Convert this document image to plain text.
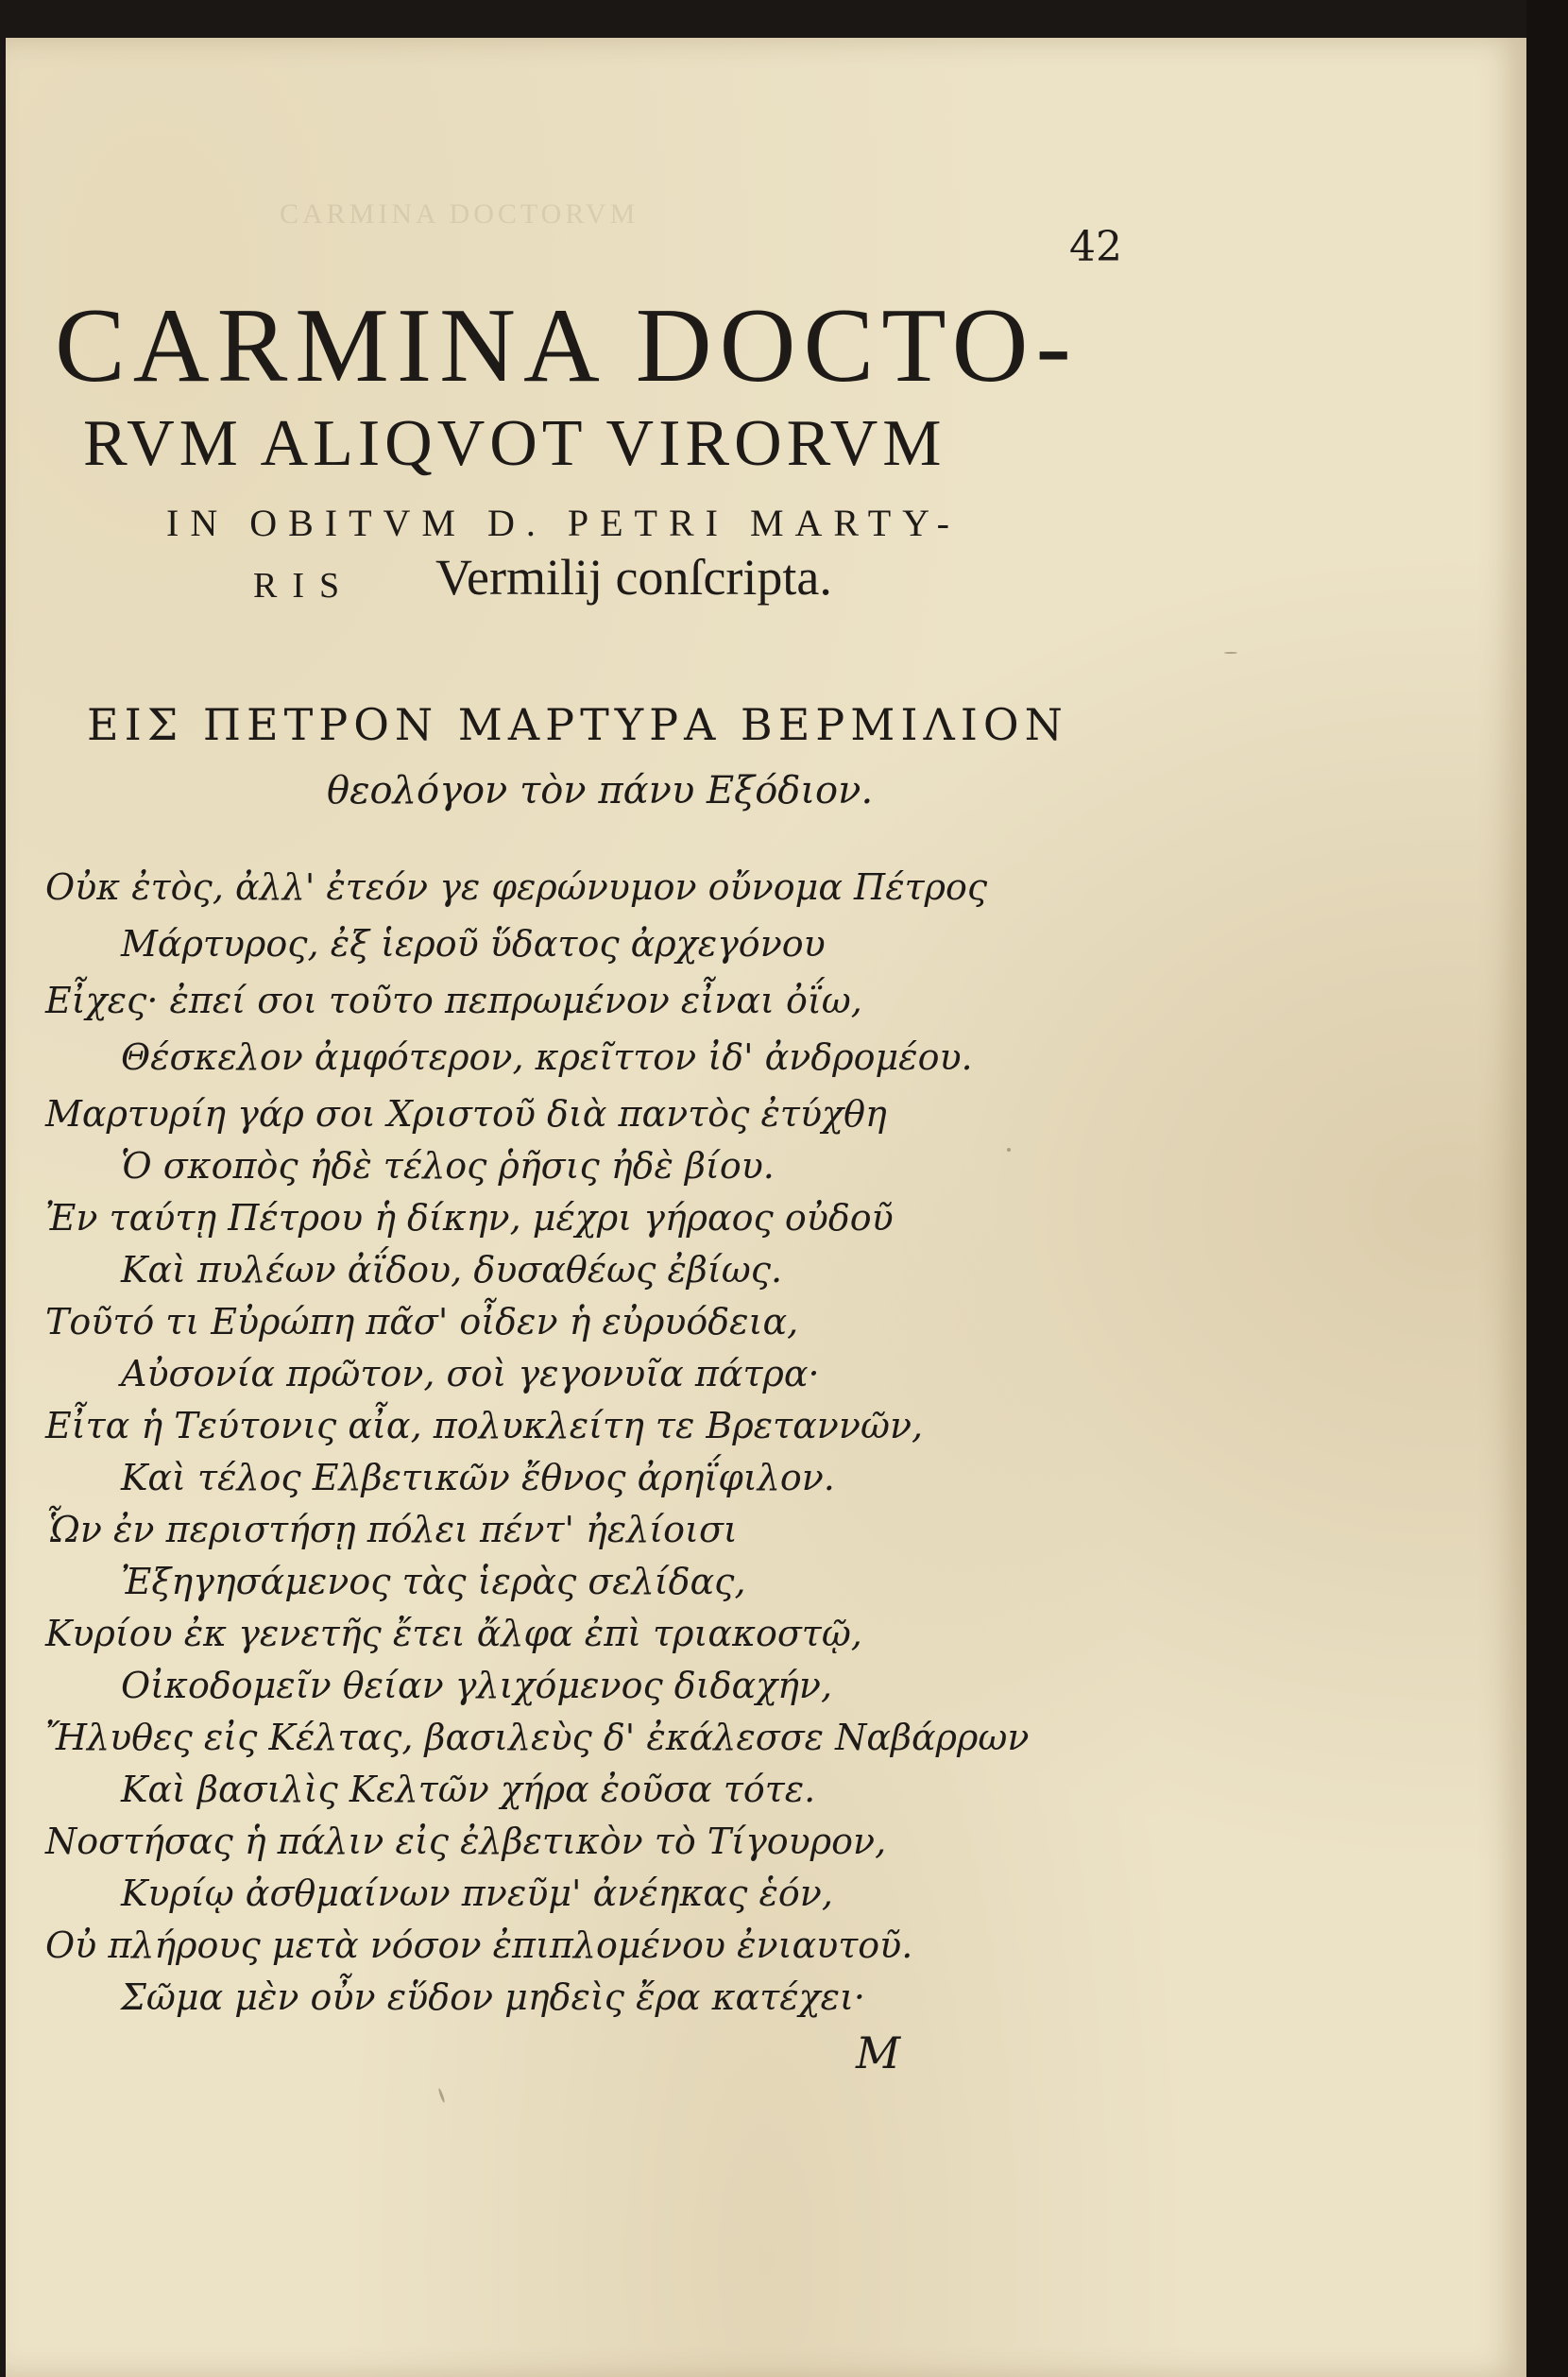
CARMINA DOCTORVM
42
CARMINA DOCTO-
RVM ALIQVOT VIRORVM
IN OBITVM D. PETRI MARTY-
RIS Vermilij conſcripta.
ΕΙΣ ΠΕΤΡΟΝ ΜΑΡΤΥΡΑ ΒΕΡΜΙΛΙΟΝ
θεολόγον τὸν πάνυ Εξόδιον.
Οὐκ ἐτὸς, ἀλλ' ἐτεόν γε φερώνυμον οὔνομα Πέτρος
Μάρτυρος, ἐξ ἱεροῦ ὕδατος ἀρχεγόνου
Εἶχες· ἐπεί σοι τοῦτο πεπρωμένον εἶναι ὀΐω,
Θέσκελον ἀμφότερον, κρεῖττον ἰδ' ἀνδρομέου.
Μαρτυρίη γάρ σοι Χριστοῦ διὰ παντὸς ἐτύχθη
Ὁ σκοπὸς ἠδὲ τέλος ῥῆσις ἠδὲ βίου.
Ἐν ταύτῃ Πέτρου ἡ δίκην, μέχρι γήραος οὐδοῦ
Καὶ πυλέων ἀΐδου, δυσαθέως ἐβίως.
Τοῦτό τι Εὐρώπη πᾶσ' οἶδεν ἡ εὐρυόδεια,
Αὐσονία πρῶτον, σοὶ γεγονυῖα πάτρα·
Εἶτα ἡ Τεύτονις αἶα, πολυκλείτη τε Βρεταννῶν,
Καὶ τέλος Ελβετικῶν ἔθνος ἀρηΐφιλον.
Ὧν ἐν περιστήσῃ πόλει πέντ' ἠελίοισι
Ἐξηγησάμενος τὰς ἱερὰς σελίδας,
Κυρίου ἐκ γενετῆς ἔτει ἄλφα ἐπὶ τριακοστῷ,
Οἰκοδομεῖν θείαν γλιχόμενος διδαχήν,
Ἤλυθες εἰς Κέλτας, βασιλεὺς δ' ἐκάλεσσε Ναβάρρων
Καὶ βασιλὶς Κελτῶν χήρα ἐοῦσα τότε.
Νοστήσας ἡ πάλιν εἰς ἐλβετικὸν τὸ Τίγουρον,
Κυρίῳ ἀσθμαίνων πνεῦμ' ἀνέηκας ἑόν,
Οὐ πλήρους μετὰ νόσον ἐπιπλομένου ἐνιαυτοῦ.
Σῶμα μὲν οὖν εὕδον μηδεὶς ἔρα κατέχει·
M
